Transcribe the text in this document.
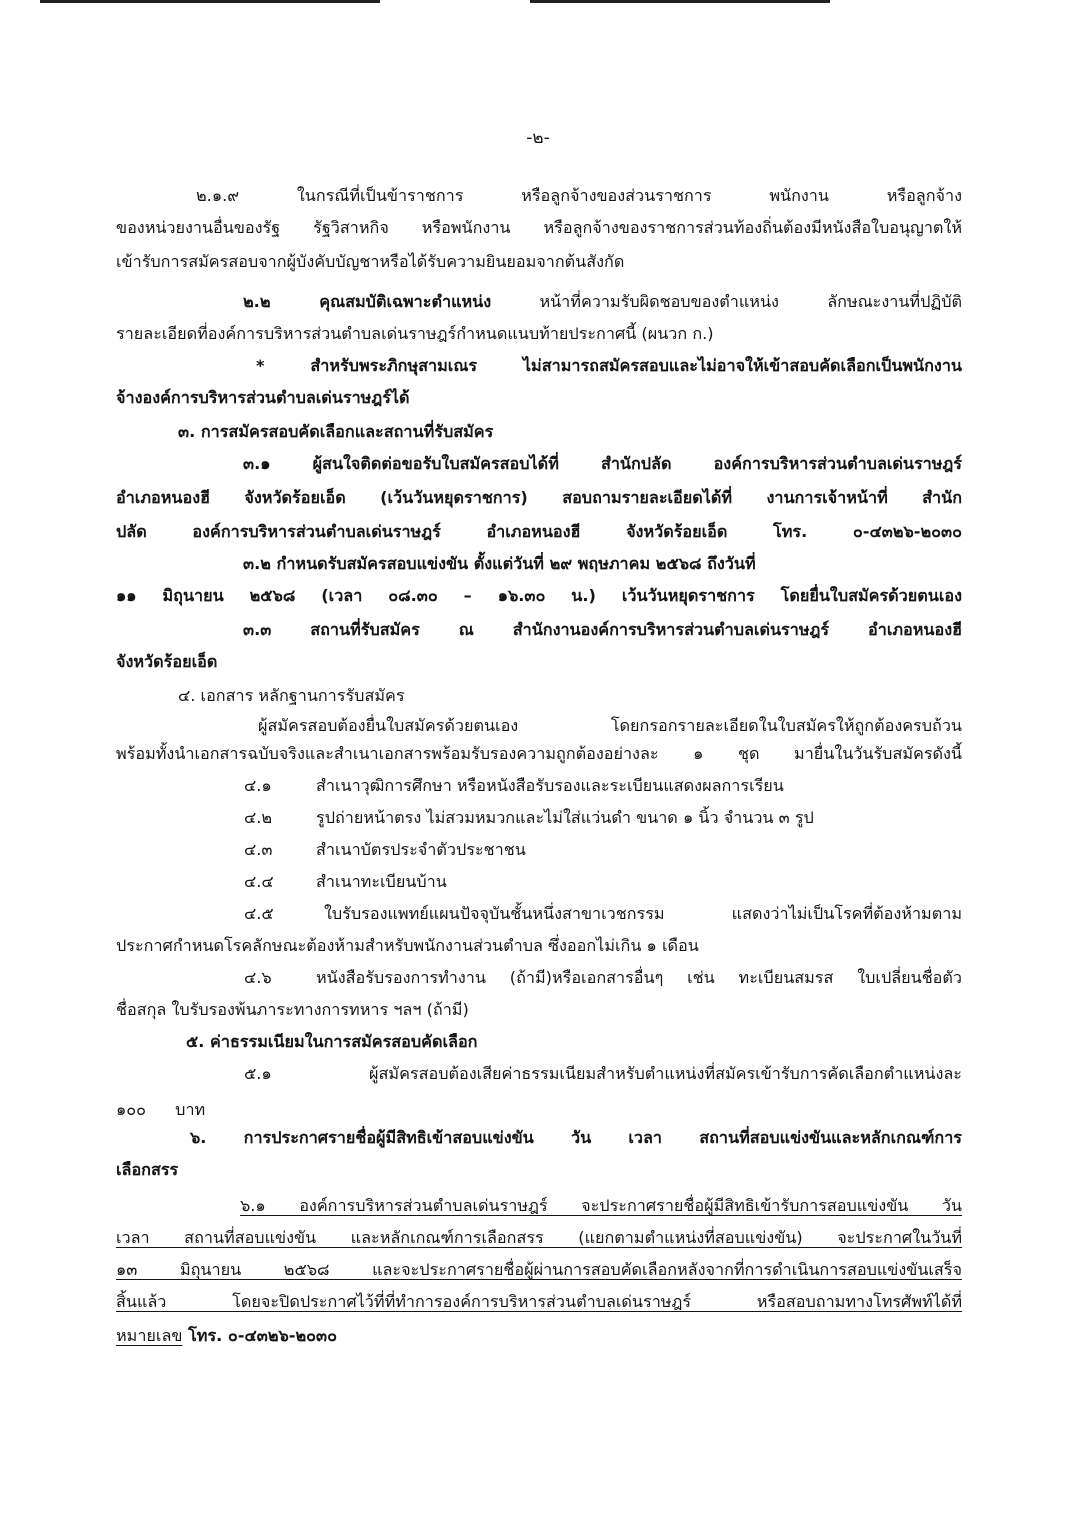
-๒-
๒.๑.๙ ในกรณีที่เป็นข้าราชการ หรือลูกจ้างของส่วนราชการ พนักงาน หรือลูกจ้าง
ของหน่วยงานอื่นของรัฐ รัฐวิสาหกิจ หรือพนักงาน หรือลูกจ้างของราชการส่วนท้องถิ่นต้องมีหนังสือใบอนุญาตให้
เข้ารับการสมัครสอบจากผู้บังคับบัญชาหรือได้รับความยินยอมจากต้นสังกัด
๒.๒ คุณสมบัติเฉพาะตำแหน่ง หน้าที่ความรับผิดชอบของตำแหน่ง ลักษณะงานที่ปฏิบัติ
รายละเอียดที่องค์การบริหารส่วนตำบลเด่นราษฎร์กำหนดแนบท้ายประกาศนี้ (ผนวก ก.)
* สำหรับพระภิกษุสามเณร ไม่สามารถสมัครสอบและไม่อาจให้เข้าสอบคัดเลือกเป็นพนักงาน
จ้างองค์การบริหารส่วนตำบลเด่นราษฎร์ได้
๓. การสมัครสอบคัดเลือกและสถานที่รับสมัคร
๓.๑ ผู้สนใจติดต่อขอรับใบสมัครสอบได้ที่ สำนักปลัด องค์การบริหารส่วนตำบลเด่นราษฎร์
อำเภอหนองฮี จังหวัดร้อยเอ็ด (เว้นวันหยุดราชการ) สอบถามรายละเอียดได้ที่ งานการเจ้าหน้าที่ สำนัก
ปลัด องค์การบริหารส่วนตำบลเด่นราษฎร์ อำเภอหนองฮี จังหวัดร้อยเอ็ด โทร. ๐-๔๓๒๖-๒๐๓๐
๓.๒ กำหนดรับสมัครสอบแข่งขัน ตั้งแต่วันที่ ๒๙ พฤษภาคม ๒๕๖๘ ถึงวันที่
๑๑ มิถุนายน ๒๕๖๘ (เวลา ๐๘.๓๐ – ๑๖.๓๐ น.) เว้นวันหยุดราชการ โดยยื่นใบสมัครด้วยตนเอง
๓.๓ สถานที่รับสมัคร ณ สำนักงานองค์การบริหารส่วนตำบลเด่นราษฎร์ อำเภอหนองฮี
จังหวัดร้อยเอ็ด
๔. เอกสาร หลักฐานการรับสมัคร
ผู้สมัครสอบต้องยื่นใบสมัครด้วยตนเอง โดยกรอกรายละเอียดในใบสมัครให้ถูกต้องครบถ้วน
พร้อมทั้งนำเอกสารฉบับจริงและสำเนาเอกสารพร้อมรับรองความถูกต้องอย่างละ ๑ ชุด มายื่นในวันรับสมัครดังนี้
๔.๑	สำเนาวุฒิการศึกษา หรือหนังสือรับรองและระเบียนแสดงผลการเรียน
๔.๒	รูปถ่ายหน้าตรง ไม่สวมหมวกและไม่ใส่แว่นดำ ขนาด ๑ นิ้ว จำนวน ๓ รูป
๔.๓	สำเนาบัตรประจำตัวประชาชน
๔.๔	สำเนาทะเบียนบ้าน
๔.๕	ใบรับรองแพทย์แผนปัจจุบันชั้นหนึ่งสาขาเวชกรรม แสดงว่าไม่เป็นโรคที่ต้องห้ามตาม
ประกาศกำหนดโรคลักษณะต้องห้ามสำหรับพนักงานส่วนตำบล ซึ่งออกไม่เกิน ๑ เดือน
๔.๖	หนังสือรับรองการทำงาน (ถ้ามี)หรือเอกสารอื่นๆ เช่น ทะเบียนสมรส ใบเปลี่ยนชื่อตัว
ชื่อสกุล ใบรับรองพ้นภาระทางการทหาร ฯลฯ (ถ้ามี)
๕. ค่าธรรมเนียมในการสมัครสอบคัดเลือก
๕.๑ ผู้สมัครสอบต้องเสียค่าธรรมเนียมสำหรับตำแหน่งที่สมัครเข้ารับการคัดเลือกตำแหน่งละ
๑๐๐ บาท
๖. การประกาศรายชื่อผู้มีสิทธิเข้าสอบแข่งขัน วัน เวลา สถานที่สอบแข่งขันและหลักเกณฑ์การ
เลือกสรร
๖.๑ องค์การบริหารส่วนตำบลเด่นราษฎร์ จะประกาศรายชื่อผู้มีสิทธิเข้ารับการสอบแข่งขัน วัน
เวลา สถานที่สอบแข่งขัน และหลักเกณฑ์การเลือกสรร (แยกตามตำแหน่งที่สอบแข่งขัน) จะประกาศในวันที่
๑๓ มิถุนายน ๒๕๖๘ และจะประกาศรายชื่อผู้ผ่านการสอบคัดเลือกหลังจากที่การดำเนินการสอบแข่งขันเสร็จ
สิ้นแล้ว โดยจะปิดประกาศไว้ที่ที่ทำการองค์การบริหารส่วนตำบลเด่นราษฎร์ หรือสอบถามทางโทรศัพท์ได้ที่
หมายเลข โทร. ๐-๔๓๒๖-๒๐๓๐
